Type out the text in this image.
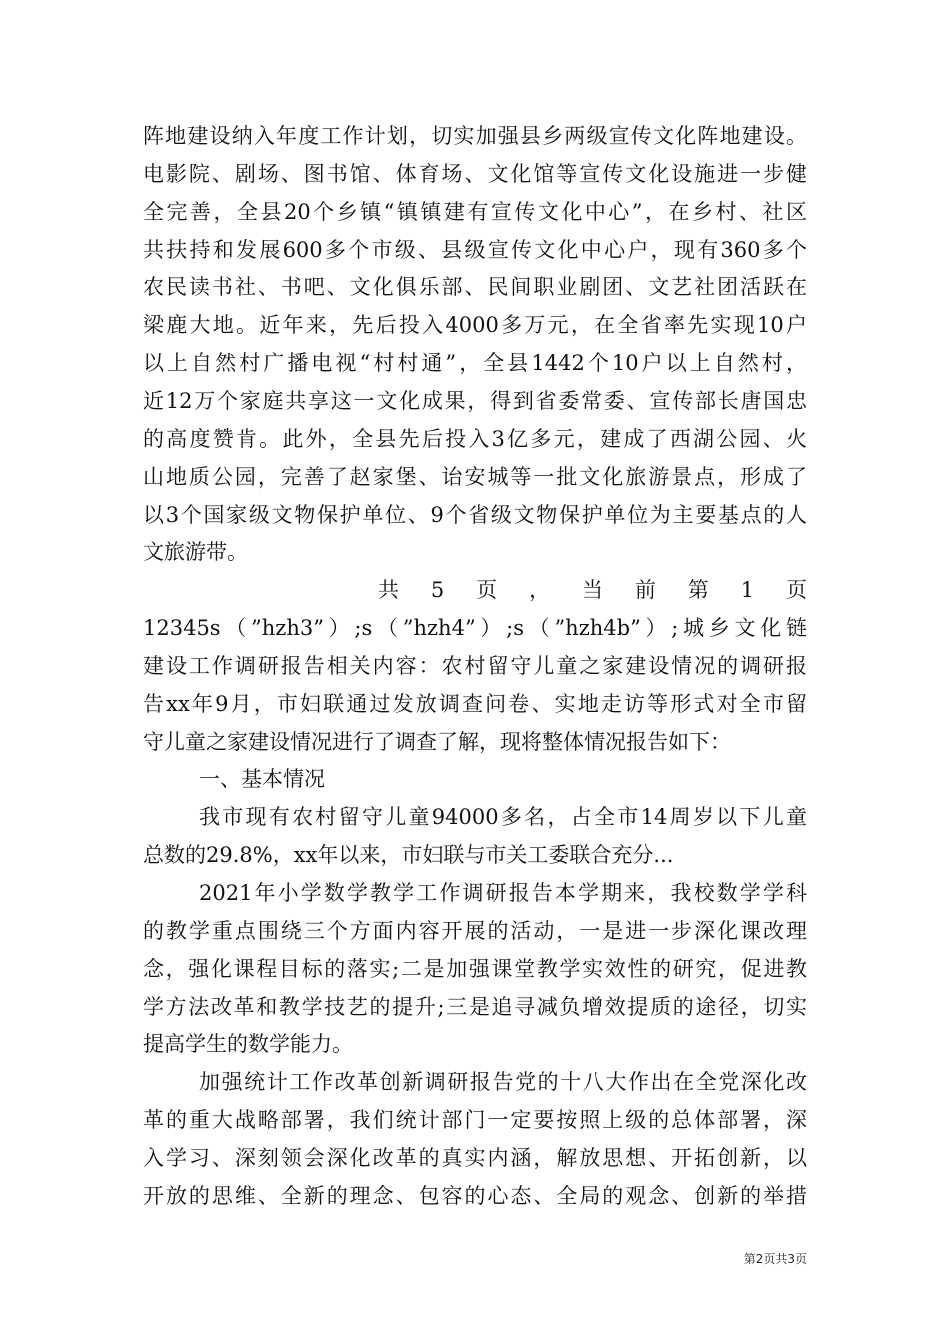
阵地建设纳入年度工作计划，切实加强县乡两级宣传文化阵地建设。
电影院、剧场、图书馆、体育场、文化馆等宣传文化设施进一步健
全完善，全县20个乡镇“镇镇建有宣传文化中心”，在乡村、社区
共扶持和发展600多个市级、县级宣传文化中心户，现有360多个
农民读书社、书吧、文化俱乐部、民间职业剧团、文艺社团活跃在
梁鹿大地。近年来，先后投入4000多万元，在全省率先实现10户
以上自然村广播电视“村村通”，全县1442个10户以上自然村，
近12万个家庭共享这一文化成果，得到省委常委、宣传部长唐国忠
的高度赞肯。此外，全县先后投入3亿多元，建成了西湖公园、火
山地质公园，完善了赵家堡、诒安城等一批文化旅游景点，形成了
以3个国家级文物保护单位、9个省级文物保护单位为主要基点的人
文旅游带。
共5页，当前第1页
12345s（”hzh3”）;s（”hzh4”）;s（”hzh4b”）;城乡文化链
建设工作调研报告相关内容：农村留守儿童之家建设情况的调研报
告xx年9月，市妇联通过发放调查问卷、实地走访等形式对全市留
守儿童之家建设情况进行了调查了解，现将整体情况报告如下：
一、基本情况
我市现有农村留守儿童94000多名，占全市14周岁以下儿童
总数的29.8%，xx年以来，市妇联与市关工委联合充分...
2021年小学数学教学工作调研报告本学期来，我校数学学科
的教学重点围绕三个方面内容开展的活动，一是进一步深化课改理
念，强化课程目标的落实;二是加强课堂教学实效性的研究，促进教
学方法改革和教学技艺的提升;三是追寻减负增效提质的途径，切实
提高学生的数学能力。
加强统计工作改革创新调研报告党的十八大作出在全党深化改
革的重大战略部署，我们统计部门一定要按照上级的总体部署，深
入学习、深刻领会深化改革的真实内涵，解放思想、开拓创新，以
开放的思维、全新的理念、包容的心态、全局的观念、创新的举措
第2页共3页
